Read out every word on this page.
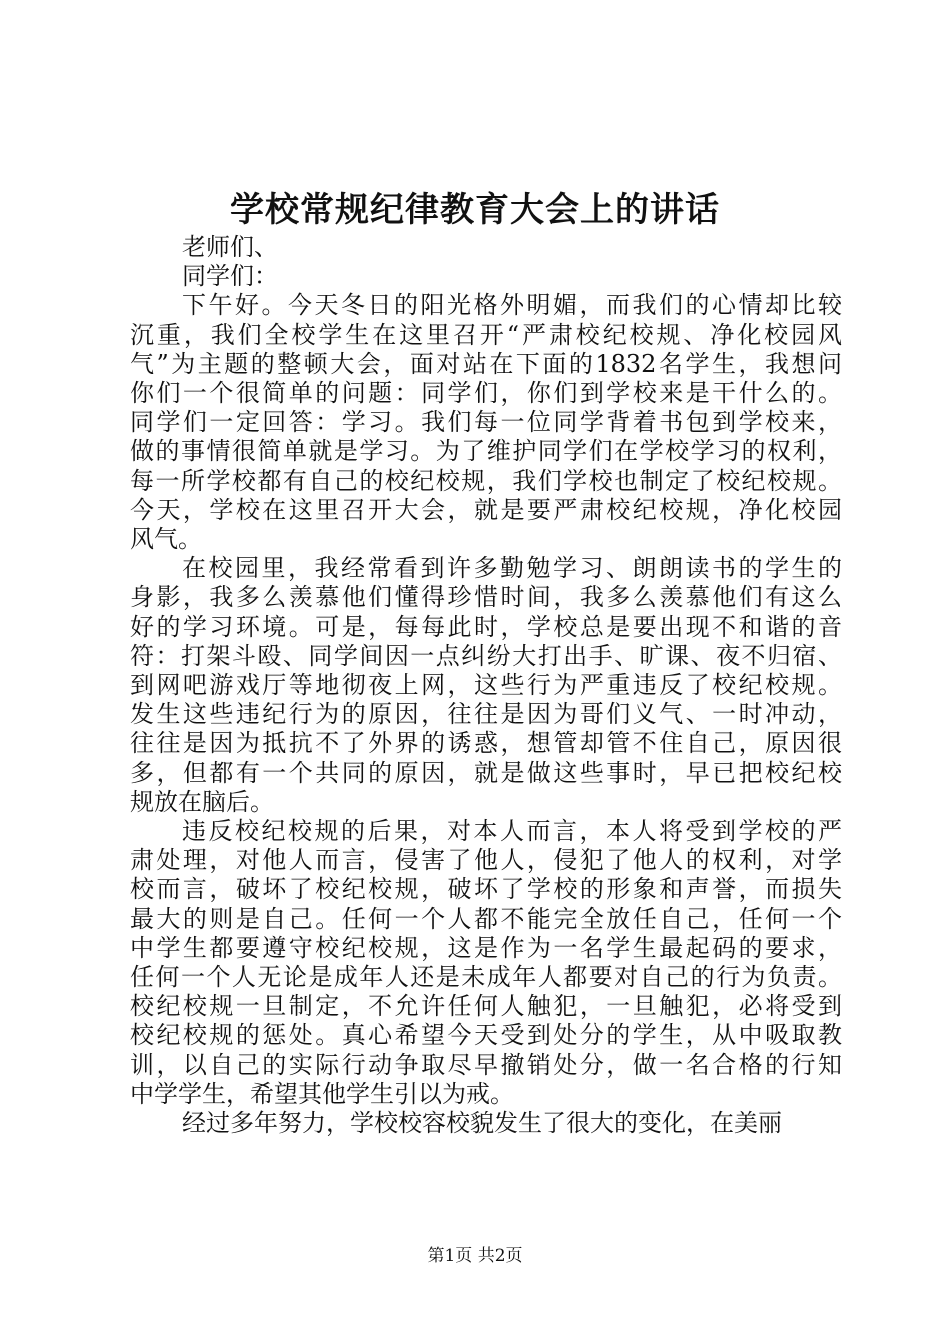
学校常规纪律教育大会上的讲话
老师们、
同学们：
下午好。今天冬日的阳光格外明媚，而我们的心情却比较
沉重，我们全校学生在这里召开“严肃校纪校规、净化校园风
气”为主题的整顿大会，面对站在下面的1832名学生，我想问
你们一个很简单的问题：同学们，你们到学校来是干什么的。
同学们一定回答：学习。我们每一位同学背着书包到学校来，
做的事情很简单就是学习。为了维护同学们在学校学习的权利，
每一所学校都有自己的校纪校规，我们学校也制定了校纪校规。
今天，学校在这里召开大会，就是要严肃校纪校规，净化校园
风气。
在校园里，我经常看到许多勤勉学习、朗朗读书的学生的
身影，我多么羡慕他们懂得珍惜时间，我多么羡慕他们有这么
好的学习环境。可是，每每此时，学校总是要出现不和谐的音
符：打架斗殴、同学间因一点纠纷大打出手、旷课、夜不归宿、
到网吧游戏厅等地彻夜上网，这些行为严重违反了校纪校规。
发生这些违纪行为的原因，往往是因为哥们义气、一时冲动，
往往是因为抵抗不了外界的诱惑，想管却管不住自己，原因很
多，但都有一个共同的原因，就是做这些事时，早已把校纪校
规放在脑后。
违反校纪校规的后果，对本人而言，本人将受到学校的严
肃处理，对他人而言，侵害了他人，侵犯了他人的权利，对学
校而言，破坏了校纪校规，破坏了学校的形象和声誉，而损失
最大的则是自己。任何一个人都不能完全放任自己，任何一个
中学生都要遵守校纪校规，这是作为一名学生最起码的要求，
任何一个人无论是成年人还是未成年人都要对自己的行为负责。
校纪校规一旦制定，不允许任何人触犯，一旦触犯，必将受到
校纪校规的惩处。真心希望今天受到处分的学生，从中吸取教
训，以自己的实际行动争取尽早撤销处分，做一名合格的行知
中学学生，希望其他学生引以为戒。
经过多年努力，学校校容校貌发生了很大的变化，在美丽
第1页 共2页
